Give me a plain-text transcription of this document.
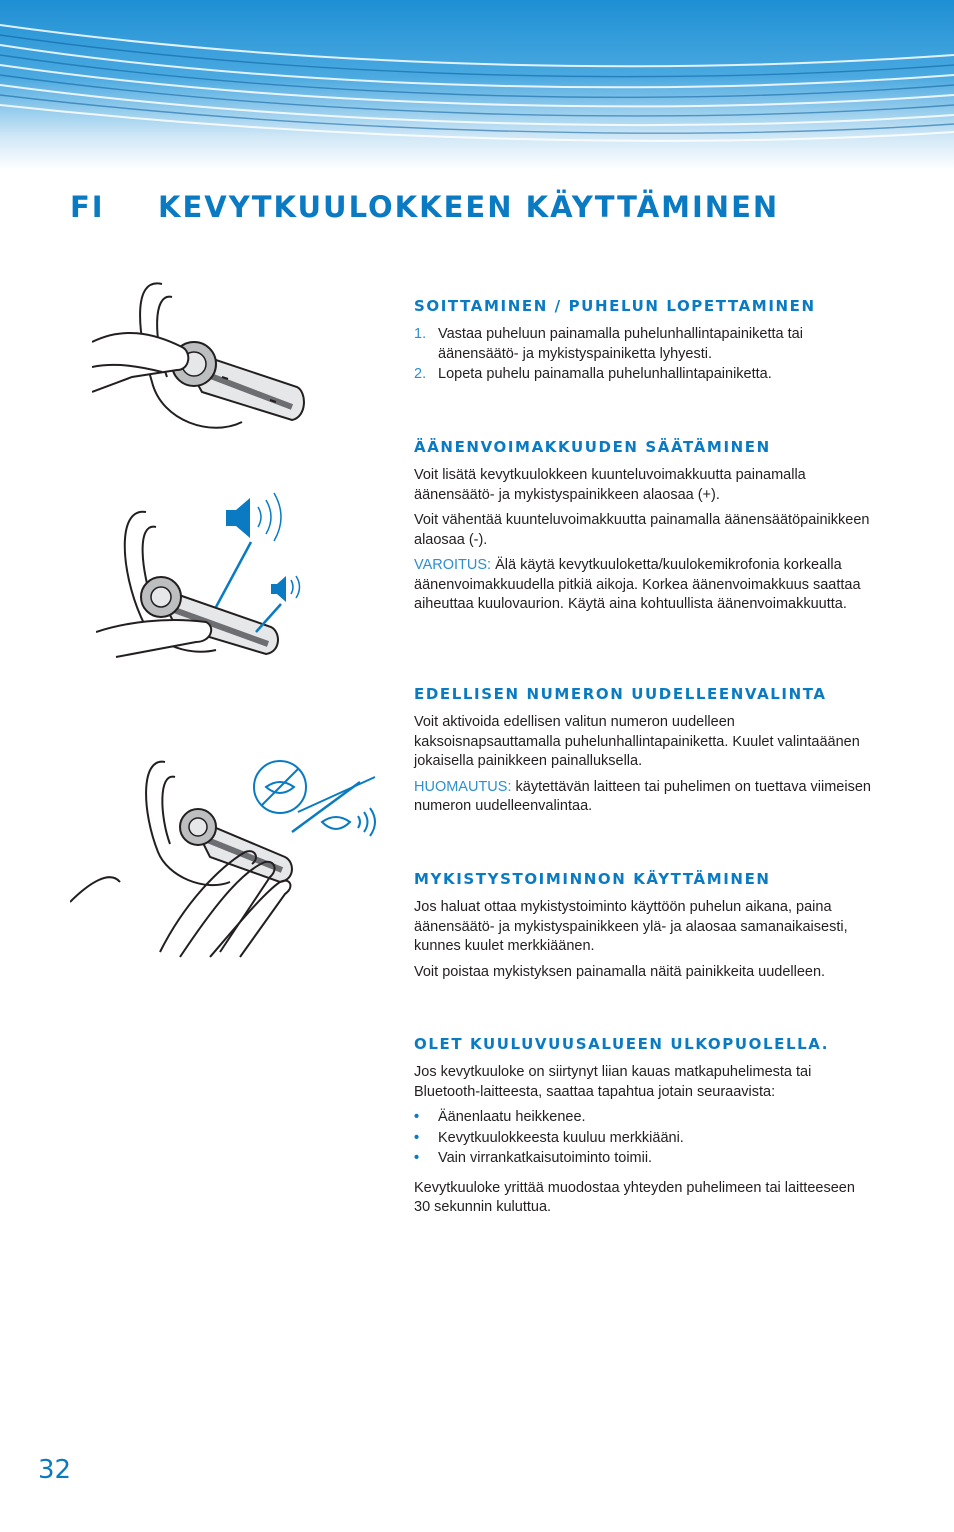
FI KEVYTKUULOKKEEN KÄYTTÄMINEN
SOITTAMINEN / PUHELUN LOPETTAMINEN
1. Vastaa puheluun painamalla puhelunhallintapainiketta tai äänensäätö- ja mykistyspainiketta lyhyesti.
2. Lopeta puhelu painamalla puhelunhallintapainiketta.
ÄÄNENVOIMAKKUUDEN SÄÄTÄMINEN

Voit lisätä kevytkuulokkeen kuunteluvoimakkuutta painamalla äänensäätö- ja mykistyspainikkeen alaosaa (+).

Voit vähentää kuunteluvoimakkuutta painamalla äänensäätöpainikkeen alaosaa (-).

VAROITUS: Älä käytä kevytkuuloketta/kuulokemikrofonia korkealla äänenvoimakkuudella pitkiä aikoja. Korkea äänenvoimakkuus saattaa aiheuttaa kuulovaurion. Käytä aina kohtuullista äänenvoimakkuutta.

EDELLISEN NUMERON UUDELLEENVALINTA

Voit aktivoida edellisen valitun numeron uudelleen kaksoisnapsauttamalla puhelunhallintapainiketta. Kuulet valintaäänen jokaisella painikkeen painalluksella.

HUOMAUTUS: käytettävän laitteen tai puhelimen on tuettava viimeisen numeron uudelleenvalintaa.

MYKISTYSTOIMINNON KÄYTTÄMINEN

Jos haluat ottaa mykistystoiminto käyttöön puhelun aikana, paina äänensäätö- ja mykistyspainikkeen ylä- ja alaosaa samanaikaisesti, kunnes kuulet merkkiäänen.

Voit poistaa mykistyksen painamalla näitä painikkeita uudelleen.

OLET KUULUVUUSALUEEN ULKOPUOLELLA.

Jos kevytkuuloke on siirtynyt liian kauas matkapuhelimesta tai Bluetooth-laitteesta, saattaa tapahtua jotain seuraavista:

• Äänenlaatu heikkenee.
• Kevytkuulokkeesta kuuluu merkkiääni.
• Vain virrankatkaisutoiminto toimii.

Kevytkuuloke yrittää muodostaa yhteyden puhelimeen tai laitteeseen 30 sekunnin kuluttua.

32
